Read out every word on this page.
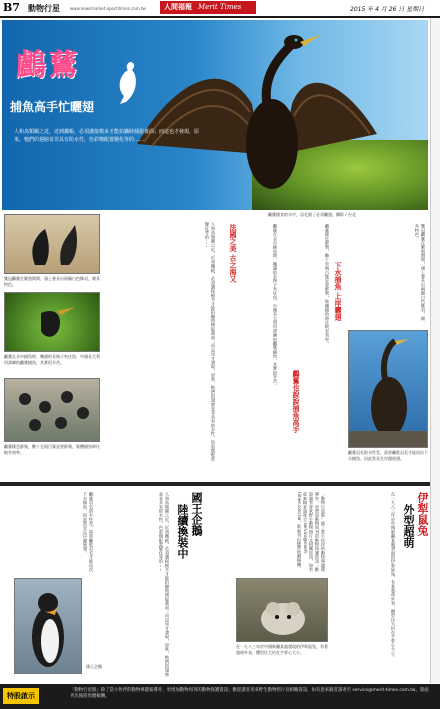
B7 動物行星	www.newsmarket.epochtimes.com.tw	人間福報 Merit Times	2015 年 4 月 26 日 星期日
鸕鶿
捕魚高手忙曬翅
人和鳥類關之近，近到攜帳，必須講接模多才能拍攝時捕捉畫面；而這也才發現，原來，牠們的翅膀並非具有防水性，色彩燦配當變化等的……
鸕鶿捕食的水中，羽毛濕了必須曬翅。攝影 / 台北
雙冠鸕鶿在繁殖期間，頭上會長出兩撮白色飾羽，頗具特色。
鸕鶿在水中捕魚時，嘴邊的長鉤子夾住魚，中國長大利用訓練的鸕鶿捕魚，其實很辛苦。
鸕鶿棲息群聚，數十至兩百隻是要群聚，集體捕魚時比較有效率。	人和鳥類關之近，近到攜帳，必須講接模多才能拍攝時捕捉畫面；而這也才發現，原來，牠們的翅膀並非具有防水性，色彩燦配當變化等的……	法國之美 古之海又	鸕鶿在水中捕魚時，嘴邊的長鉤子夾住魚，中國長大利用訓練的鸕鶿捕魚，其實很辛苦。	下水捕魚 上岸曬翅
鸕鶿也說說捕魚高手
鸕鶿棲息群聚，數十至兩百隻是要群聚，集體捕魚時比較有效率。	雙冠鸕鶿在繁殖期間，頭上會長出兩撮白色飾羽，頗具特色。
鸕鶿羽毛防水性差，需要曬乾羽毛才能再次下水捕魚，因此常見在岸邊展翅。
伊犁鼠兔
外型超萌
在一九八三年於中國新疆某處發現的伊犁鼠兔，有著超萌外表，體型比大約在手掌心大小。
「動物行星版」除了當小伙伴的動物專題報導外，更增加動物周刊的動物保護資訊；歡迎讀者寄來野生動物照片及相關資訊，如有意來稿者請寄至 service@merit-times.com.tw，版面刊出後將致贈稿酬。
在一九八三年於中國新疆某處發現的伊犁鼠兔，有著超萌外表，體型比大約在手掌心大小。
國王企鵝
陸續換裝中
人和鳥類關之近，近到攜帳，必須講接模多才能拍攝時捕捉畫面；而這也才發現，原來，牠們的翅膀並非具有防水性，色彩燦配當變化等的……
鸕鶿羽毛防水性差，需要曬乾羽毛才能再次下水捕魚，因此常見在岸邊展翅。
國王企鵝
特股啟示
「動物行星版」除了當小伙伴的動物專題報導外，更增加動物周刊的動物保護資訊；歡迎讀者寄來野生動物照片及相關資訊，如有意來稿者請寄至 service@merit-times.com.tw，版面刊出後將致贈稿酬。
